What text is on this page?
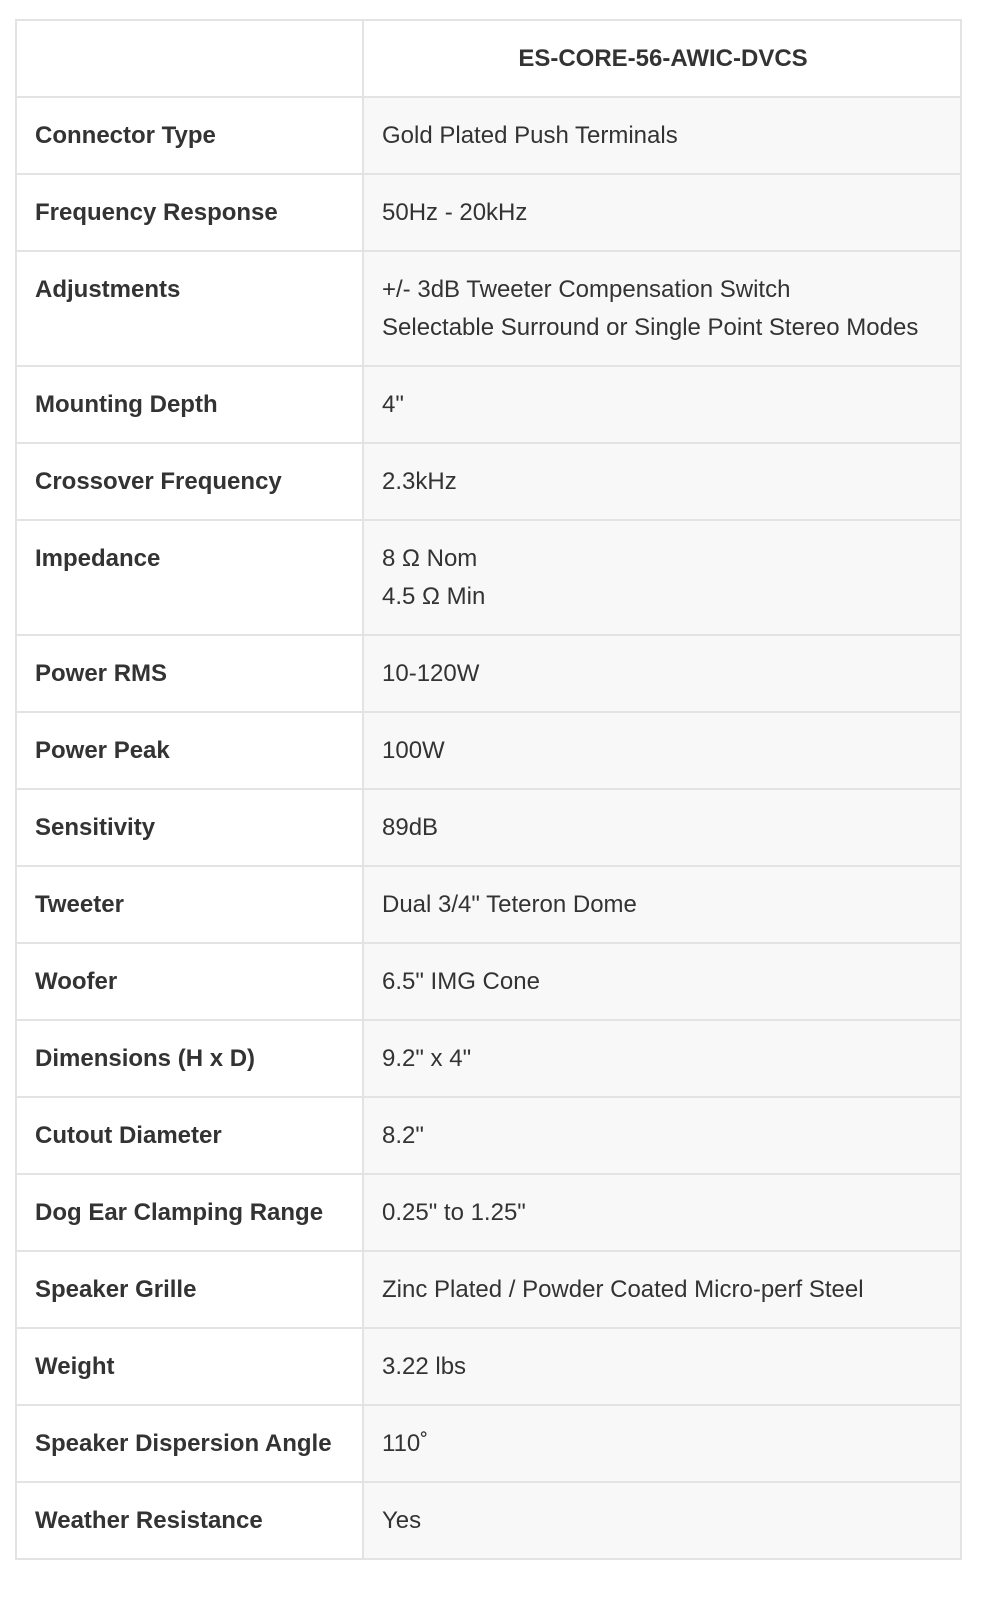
	ES-CORE-56-AWIC-DVCS
Connector Type	Gold Plated Push Terminals

Frequency Response	50Hz - 20kHz

Adjustments	+/- 3dB Tweeter Compensation Switch
Selectable Surround or Single Point Stereo Modes

Mounting Depth	4"

Crossover Frequency	2.3kHz

Impedance	8 Ω Nom
4.5 Ω Min

Power RMS	10-120W

Power Peak	100W

Sensitivity	89dB

Tweeter	Dual 3/4" Teteron Dome

Woofer	6.5" IMG Cone

Dimensions (H x D)	9.2" x 4"

Cutout Diameter	8.2"

Dog Ear Clamping Range	0.25" to 1.25"

Speaker Grille	Zinc Plated / Powder Coated Micro-perf Steel

Weight	3.22 lbs

Speaker Dispersion Angle	110˚

Weather Resistance	Yes
